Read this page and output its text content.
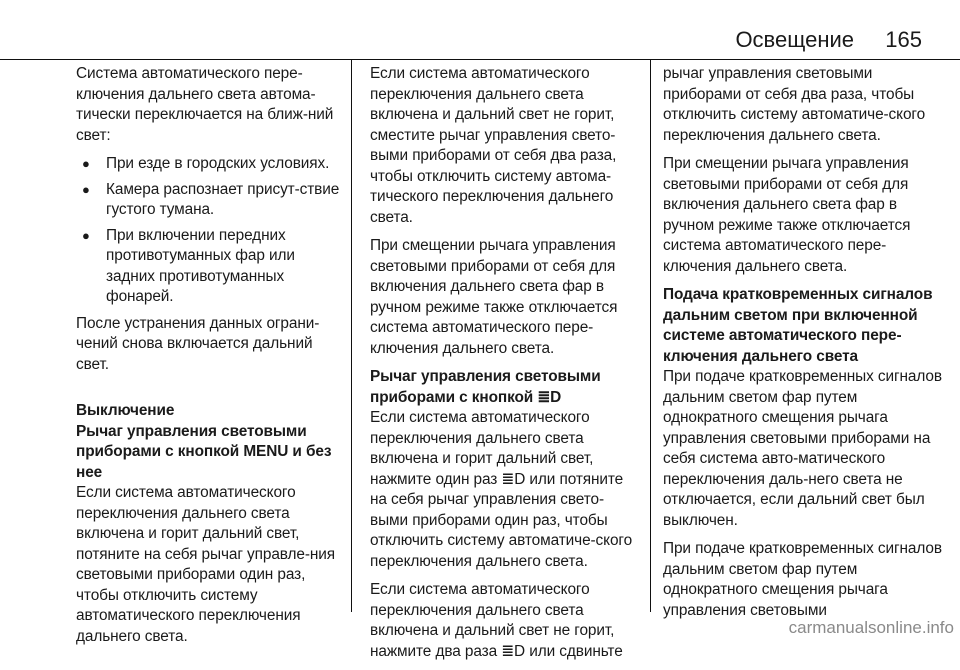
Освещение 165

Система автоматического пере-ключения дальнего света автома-тически переключается на ближ-ний свет:

● При езде в городских условиях.
● Камера распознает присут-ствие густого тумана.
● При включении передних противотуманных фар или задних противотуманных фонарей.

После устранения данных ограни-чений снова включается дальний свет.

Выключение

Рычаг управления световыми приборами с кнопкой MENU и без нее

Если система автоматического переключения дальнего света включена и горит дальний свет, потяните на себя рычаг управле-ния световыми приборами один раз, чтобы отключить систему автоматического переключения дальнего света.

Если система автоматического переключения дальнего света включена и дальний свет не горит, сместите рычаг управления свето-выми приборами от себя два раза, чтобы отключить систему автома-тического переключения дальнего света.

При смещении рычага управления световыми приборами от себя для включения дальнего света фар в ручном режиме также отключается система автоматического пере-ключения дальнего света.

Рычаг управления световыми приборами с кнопкой ≣D

Если система автоматического переключения дальнего света включена и горит дальний свет, нажмите один раз ≣D или потяните на себя рычаг управления свето-выми приборами один раз, чтобы отключить систему автоматиче-ского переключения дальнего света.

Если система автоматического переключения дальнего света включена и дальний свет не горит, нажмите два раза ≣D или сдвиньте

рычаг управления световыми приборами от себя два раза, чтобы отключить систему автоматиче-ского переключения дальнего света.

При смещении рычага управления световыми приборами от себя для включения дальнего света фар в ручном режиме также отключается система автоматического пере-ключения дальнего света.

Подача кратковременных сигналов дальним светом при включенной системе автоматического пере-ключения дальнего света

При подаче кратковременных сигналов дальним светом фар путем однократного смещения рычага управления световыми приборами на себя система авто-матического переключения даль-него света не отключается, если дальний свет был выключен.

При подаче кратковременных сигналов дальним светом фар путем однократного смещения рычага управления световыми

carmanualsonline.info
